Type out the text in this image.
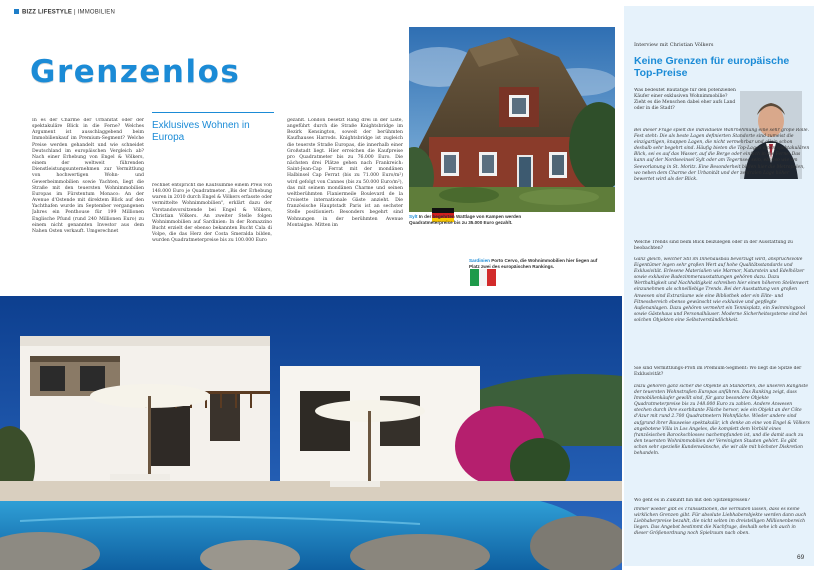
BIZZ LIFESTYLE | IMMOBILIEN
Grenzenlos
Exklusives Wohnen in Europa
In es der Charme der Urbanität oder der spektakuläre Blick in die Ferne? Welches Argument ist ausschlaggebend beim Immobilienkauf im Premium-Segment? Welche Preise werden gehandelt und wie schneidet Deutschland im europäischen Vergleich ab? Nach einer Erhebung von Engel & Völkers, einem der weltweit führenden Dienstleistungsunternehmen zur Vermittlung von hochwertigen Wohn- und Gewerbeimmobilien sowie Yachten, liegt die Straße mit den teuersten Wohnimmobilien Europas im Fürstentum Monaco: An der Avenue d'Ostende mit direktem Blick auf den Yachthafen wurde im September vergangenen Jahres ein Penthouse für 199 Millionen Englische Pfund (rund 240 Millionen Euro) zu einem nicht genannten Investor aus dem Nahen Osten verkauft. Umgerechnet
rechnet entspricht die Kaufsumme einem Preis von 148.000 Euro je Quadratmeter. „Bis der Erhebung waren in 2010 durch Engel & Völkers erfasste oder vermittelte Wohnimmobilien", erklärt dazu der Vorstandsvorsitzende bei Engel & Völkers, Christian Völkers. An zweiter Stelle folgen Wohnimmobilien auf Sardinien: In der Romazzino Bucht erzielt der ebenso bekannten Bucht Cala di Volpe, die das Herz der Costa Smeralda bilden, wurden Quadratmeterpreise bis zu 100.000 Euro
gezahlt. London besetzt Rang drei in der Liste, angeführt durch die Straße Knightsbridge im Bezirk Kensington, soweit der berühmten Kaufhauses Harrods. Knightsbridge ist zugleich die teuerste Straße Europas, die innerhalb einer Großstadt liegt. Hier erreichen die Kaufpreise pro Quadratmeter bis zu 76.000 Euro. Die nächsten drei Plätze gehen nach Frankreich: Saint-Jean-Cap Ferrat mit der mondänen Halbinsel Cap Ferrat (bis zu 71.000 Euro/m²) wird gefolgt von Cannes (bis zu 50.000 Euro/m²), das mit seinem mondänen Charme und seinen weltberühmten Flaniermeile Boulevard de la Croisette internationale Gäste anzieht. Die französische Hauptstadt Paris ist an sechster Stelle positioniert: Besonders begehrt sind Wohnungen in der berühmten Avenue Montaigne. Mitten im
Sylt In der begehrten Wattlage von Kampen werden Quadratmeterpreise bis zu 35.000 Euro gezahlt.
Sardinien Porto Cervo, die Wohnimmobilien hier liegen auf Platz zwei des europäischen Rankings.
Interview mit Christian Völkers
Keine Grenzen für europäische Top-Preise
Was bedeutet Bautätige für den potenziellen Käufer einer exklusiven Wohnimmobilie? Zieht es die Menschen dabei eher aufs Land oder in die Stadt?
Bei dieser Frage spielt die individuelle Wahrnehmung eine sehr große Rolle. Fest steht: Die als beste Lagen definierten Standorte sind zumeist die einzigartigen, knappen Lagen, die nicht vermehrbar und allein schon deshalb sehr begehrt sind. Häufig bieten die Top-Lagen einen spektakulären Blick, sei es auf das Wasser, auf die Berge oder einfach in die Ferne. Das kann auf der Nordseeinsel Sylt oder am Tegernsee sein, ebenso wie am Seevorlanung in St. Moritz. Eine Besonderheit bilden hier die Metropolen, wo neben dem Charme der Urbanität und der zentralen Lage höher bewertet wird als der Blick.
Welche Trends sind beim Blick beizulegen oder in der Ausstattung zu beobachten?
Ganz gleich, welcher Stil im Innenausbau bevorzugt wird, anspruchsvolle Eigentümer legen sehr großen Wert auf hohe Qualitätsstandards und Exklusivität. Erlesene Materialien wie Marmor, Naturstein und Edelhölzer sowie exklusive Badezimmerausstattungen gehören dazu. Dazu Werthaltigkeit und Nachhaltigkeit schreiben hier einen höheren Stellenwert einzunehmen als schnelllebige Trends. Bei der Ausstattung von großen Anwesen sind Extraräume wie eine Bibliothek oder ein Elite- und Fitnessbereich ebenso gewünscht wie exklusive und gepflegte Außenanlagen. Dazu gehören vermehrt ein Tennisplatz, ein Swimmingpool sowie Gästehaus und Personalhäuser. Moderne Sicherheitssysteme sind bei solchen Objekten eine Selbstverständlichkeit.
Sie sind Vermittlungs-Profi im Premium-Segment: Wo liegt die Spitze der Exklusivität?
Dazu gehören ganz sicher die Objekte an Standorten, die unseren Rangliste der teuersten Wohnstraßen Europas anführen. Das Ranking zeigt, dass Immobilienkäufer gewillt sind, für ganz besondere Objekte Quadratmeterpreise bis zu 148.000 Euro zu zahlen. Andere Anwesen stechen durch ihre exorbitante Fläche hervor, wie ein Objekt an der Côte d'Azur mit rund 2.700 Quadratmetern Wohnfläche. Wieder andere sind aufgrund ihrer Bauweise spektakulär, ich denke an eine von Engel & Völkers angebotene Villa in Los Angeles, die komplett dem Vorbild eines französischen Barockschlosses nachempfunden ist, und die damit auch zu den teuersten Wohnimmobilien der Vereinigten Staaten gehört. Es gibt schon sehr spezielle Kundenwünsche, die wir alle mit höchster Diskretion behandeln.
Wo geht es in Zukunft hin mit den Spitzenpreisen?
Immer wieder gibt es Transaktionen, die vermuten lassen, dass es keine wirklichen Grenzen gibt. Für absolute Liebhaberobjekte werden dann auch Liebhaberpreise bezahlt, die nicht selten im dreistelligen Millionenbereich liegen. Das Angebot bestimmt die Nachfrage, deshalb sehe ich auch in dieser Größenordnung noch Spielraum nach oben.
69
